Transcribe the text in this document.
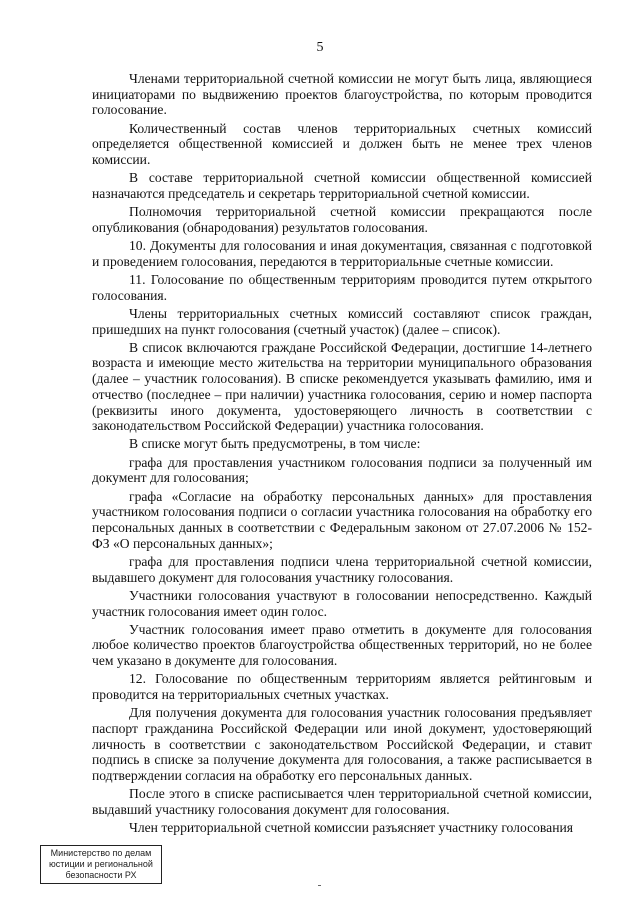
5

Членами территориальной счетной комиссии не могут быть лица, являющиеся инициаторами по выдвижению проектов благоустройства, по которым проводится голосование.

Количественный состав членов территориальных счетных комиссий определяется общественной комиссией и должен быть не менее трех членов комиссии.

В составе территориальной счетной комиссии общественной комиссией назначаются председатель и секретарь территориальной счетной комиссии.

Полномочия территориальной счетной комиссии прекращаются после опубликования (обнародования) результатов голосования.

10. Документы для голосования и иная документация, связанная с подготовкой и проведением голосования, передаются в территориальные счетные комиссии.

11. Голосование по общественным территориям проводится путем открытого голосования.

Члены территориальных счетных комиссий составляют список граждан, пришедших на пункт голосования (счетный участок) (далее – список).

В список включаются граждане Российской Федерации, достигшие 14-летнего возраста и имеющие место жительства на территории муниципального образования (далее – участник голосования). В списке рекомендуется указывать фамилию, имя и отчество (последнее – при наличии) участника голосования, серию и номер паспорта (реквизиты иного документа, удостоверяющего личность в соответствии с законодательством Российской Федерации) участника голосования.

В списке могут быть предусмотрены, в том числе:

графа для проставления участником голосования подписи за полученный им документ для голосования;

графа «Согласие на обработку персональных данных» для проставления участником голосования подписи о согласии участника голосования на обработку его персональных данных в соответствии с Федеральным законом от 27.07.2006 № 152-ФЗ «О персональных данных»;

графа для проставления подписи члена территориальной счетной комиссии, выдавшего документ для голосования участнику голосования.

Участники голосования участвуют в голосовании непосредственно. Каждый участник голосования имеет один голос.

Участник голосования имеет право отметить в документе для голосования любое количество проектов благоустройства общественных территорий, но не более чем указано в документе для голосования.

12. Голосование по общественным территориям является рейтинговым и проводится на территориальных счетных участках.

Для получения документа для голосования участник голосования предъявляет паспорт гражданина Российской Федерации или иной документ, удостоверяющий личность в соответствии с законодательством Российской Федерации, и ставит подпись в списке за получение документа для голосования, а также расписывается в подтверждении согласия на обработку его персональных данных.

После этого в списке расписывается член территориальной счетной комиссии, выдавший участнику голосования документ для голосования.

Член территориальной счетной комиссии разъясняет участнику голосования

Министерство по делам
юстиции и региональной
безопасности РХ
